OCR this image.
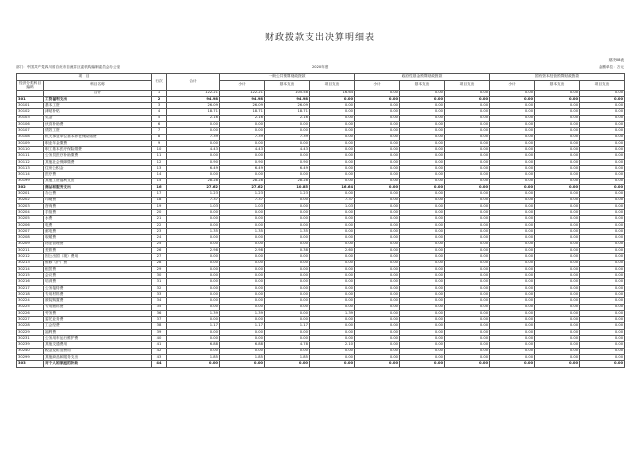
财政拨款支出决算明细表
财决08表
部门：中国共产党四川省自贡市自流井区委机构编制委员会办公室	2020年度	金额单位：万元
项　目		行次	合计	一般公共预算财政拨款			政府性基金预算财政拨款			国有资本经营预算财政拨款		
经济分类科目编码	科目名称			小计	基本支出	项目支出	小计	基本支出	项目支出	小计	基本支出	项目支出

	合计	1	122.21	122.21	105.58	16.64	0.00	0.00	0.00	0.00	0.00	0.00
301	工资福利支出	2	94.98	94.98	94.98	0.00	0.00	0.00	0.00	0.00	0.00	0.00
30101	基本工资	3	26.09	26.09	26.09	0.00	0.00	0.00	0.00	0.00	0.00	0.00
30102	津贴补贴	4	18.71	18.71	18.71	0.00	0.00	0.00	0.00	0.00	0.00	0.00
30103	奖金	5	2.16	2.16	2.16	0.00	0.00	0.00	0.00	0.00	0.00	0.00
30106	伙食补助费	6	0.00	0.00	0.00	0.00	0.00	0.00	0.00	0.00	0.00	0.00
30107	绩效工资	7	0.00	0.00	0.00	0.00	0.00	0.00	0.00	0.00	0.00	0.00
30108	机关事业单位基本养老保险缴费	8	7.39	7.39	7.39	0.00	0.00	0.00	0.00	0.00	0.00	0.00
30109	职业年金缴费	9	0.00	0.00	0.00	0.00	0.00	0.00	0.00	0.00	0.00	0.00
30110	职工基本医疗保险缴费	10	4.43	4.43	4.43	0.00	0.00	0.00	0.00	0.00	0.00	0.00
30111	公务员医疗补助缴费	11	0.00	0.00	0.00	0.00	0.00	0.00	0.00	0.00	0.00	0.00
30112	其他社会保障缴费	12	0.90	0.90	0.90	0.00	0.00	0.00	0.00	0.00	0.00	0.00
30113	住房公积金	13	6.49	6.49	6.49	0.00	0.00	0.00	0.00	0.00	0.00	0.00
30114	医疗费	14	0.00	0.00	0.00	0.00	0.00	0.00	0.00	0.00	0.00	0.00
30199	其他工资福利支出	15	28.28	28.28	28.28	0.00	0.00	0.00	0.00	0.00	0.00	0.00
302	商品和服务支出	16	27.62	27.62	10.85	16.64	0.00	0.00	0.00	0.00	0.00	0.00
30201	办公费	17	1.23	1.23	1.23	0.00	0.00	0.00	0.00	0.00	0.00	0.00
30202	印刷费	18	7.37	7.37	0.00	7.37	0.00	0.00	0.00	0.00	0.00	0.00
30203	咨询费	19	1.03	1.03	0.00	1.03	0.00	0.00	0.00	0.00	0.00	0.00
30204	手续费	20	0.00	0.00	0.00	0.00	0.00	0.00	0.00	0.00	0.00	0.00
30205	水费	21	0.00	0.00	0.00	0.00	0.00	0.00	0.00	0.00	0.00	0.00
30206	电费	22	0.00	0.00	0.00	0.00	0.00	0.00	0.00	0.00	0.00	0.00
30207	邮电费	23	1.35	1.35	1.35	0.00	0.00	0.00	0.00	0.00	0.00	0.00
30208	取暖费	24	0.00	0.00	0.00	0.00	0.00	0.00	0.00	0.00	0.00	0.00
30209	物业管理费	25	0.00	0.00	0.00	0.00	0.00	0.00	0.00	0.00	0.00	0.00
30211	差旅费	26	2.98	2.98	0.38	2.60	0.00	0.00	0.00	0.00	0.00	0.00
30212	因公出国（境）费用	27	0.00	0.00	0.00	0.00	0.00	0.00	0.00	0.00	0.00	0.00
30213	维修（护）费	28	0.00	0.00	0.00	0.00	0.00	0.00	0.00	0.00	0.00	0.00
30214	租赁费	29	0.00	0.00	0.00	0.00	0.00	0.00	0.00	0.00	0.00	0.00
30215	会议费	30	0.00	0.00	0.00	0.00	0.00	0.00	0.00	0.00	0.00	0.00
30216	培训费	31	0.00	0.00	0.00	0.00	0.00	0.00	0.00	0.00	0.00	0.00
30217	公务接待费	32	0.00	0.00	0.00	0.00	0.00	0.00	0.00	0.00	0.00	0.00
30218	专用材料费	33	0.00	0.00	0.00	0.00	0.00	0.00	0.00	0.00	0.00	0.00
30224	被装购置费	34	0.00	0.00	0.00	0.00	0.00	0.00	0.00	0.00	0.00	0.00
30225	专用燃料费	35	0.00	0.00	0.00	0.00	0.00	0.00	0.00	0.00	0.00	0.00
30226	劳务费	36	1.39	1.39	0.00	1.39	0.00	0.00	0.00	0.00	0.00	0.00
30227	委托业务费	37	0.00	0.00	0.00	0.00	0.00	0.00	0.00	0.00	0.00	0.00
30228	工会经费	38	1.17	1.17	1.17	0.00	0.00	0.00	0.00	0.00	0.00	0.00
30229	福利费	39	0.00	0.00	0.00	0.00	0.00	0.00	0.00	0.00	0.00	0.00
30231	公务用车运行维护费	40	0.00	0.00	0.00	0.00	0.00	0.00	0.00	0.00	0.00	0.00
30239	其他交通费用	41	6.88	6.88	4.78	2.10	0.00	0.00	0.00	0.00	0.00	0.00
30240	税金及附加费用	42	0.00	0.00	0.00	0.00	0.00	0.00	0.00	0.00	0.00	0.00
30299	其他商品和服务支出	43	1.85	1.85	1.85	0.00	0.00	0.00	0.00	0.00	0.00	0.00
303	对个人和家庭的补助	44	0.00	0.00	0.00	0.00	0.00	0.00	0.00	0.00	0.00	0.00
